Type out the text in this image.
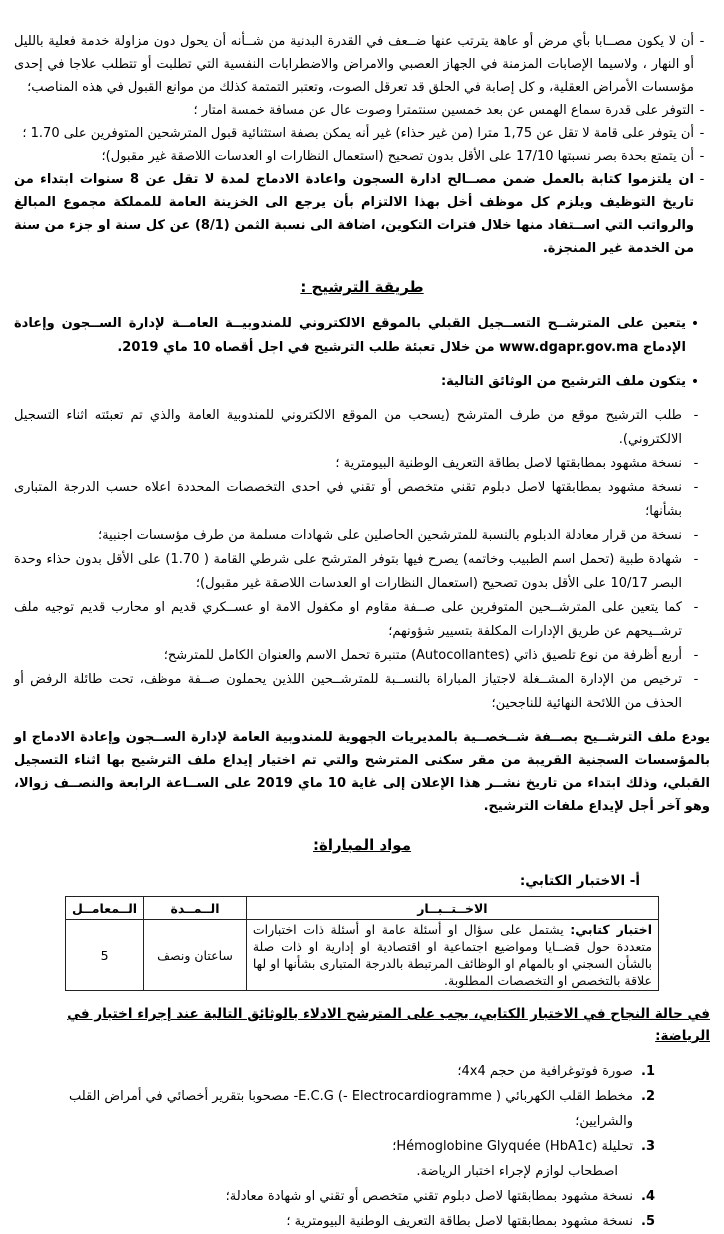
-
أن لا يكون مصــابا بأي مرض أو عاهة يترتب عنها ضــعف في القدرة البدنية من شــأنه أن يحول دون مزاولة خدمة فعلية بالليل أو النهار ، ولاسيما الإصابات المزمنة في الجهاز العصبي والامراض والاضطرابات النفسية التي تطلبت أو تتطلب علاجا في إحدى مؤسسات الأمراض العقلية، و كل إصابة في الحلق قد تعرقل الصوت، وتعتبر التمتمة كذلك من موانع القبول في هذه المناصب؛
-
التوفر على قدرة سماع الهمس عن بعد خمسين سنتمترا وصوت عال عن مسافة خمسة امتار ؛
-
أن يتوفر على قامة لا تقل عن 1,75 مترا (من غير حذاء) غير أنه يمكن بصفة استثنائية قبول المترشحين المتوفرين على 1.70 ؛
-
أن يتمتع بحدة بصر نسبتها 17/10 على الأقل بدون تصحيح (استعمال النظارات او العدسات اللاصقة غير مقبول)؛
-
ان يلتزموا كتابة بالعمل ضمن مصــالح ادارة السجون واعادة الادماج لمدة لا تقل عن 8 سنوات ابتداء من تاريخ التوظيف ويلزم كل موظف أخل بهذا الالتزام بأن يرجع الى الخزينة العامة للمملكة مجموع المبالغ والرواتب التي اســتفاد منها خلال فترات التكوين، اضافة الى نسبة الثمن (8/1) عن كل سنة او جزء من سنة من الخدمة غير المنجزة.
طريقة الترشيح :
•
يتعين على المترشــح التســجيل القبلي بالموقع الالكتروني للمندوبيــة العامــة لإدارة الســجون وإعادة الإدماج www.dgapr.gov.ma من خلال تعبئة طلب الترشيح في اجل أقصاه 10 ماي 2019.
•
يتكون ملف الترشيح من الوثائق التالية:
-
طلب الترشيح موقع من طرف المترشح (يسحب من الموقع الالكتروني للمندوبية العامة والذي تم تعبئته اثناء التسجيل الالكتروني).
-
نسخة مشهود بمطابقتها لاصل بطاقة التعريف الوطنية البيومترية ؛
-
نسخة مشهود بمطابقتها لاصل دبلوم تقني متخصص أو تقني في احدى التخصصات المحددة اعلاه حسب الدرجة المتبارى بشأنها؛
-
نسخة من قرار معادلة الدبلوم بالنسبة للمترشحين الحاصلين على شهادات مسلمة من طرف مؤسسات اجنبية؛
-
شهادة طبية (تحمل اسم الطبيب وخاتمه) يصرح فيها بتوفر المترشح على شرطي القامة ( 1.70) على الأقل بدون حذاء وحدة البصر 10/17 على الأقل بدون تصحيح (استعمال النظارات او العدسات اللاصقة غير مقبول)؛
-
كما يتعين على المترشــحين المتوفرين على صــفة مقاوم او مكفول الامة او عســكري قديم او محارب قديم توجيه ملف ترشــيحهم عن طريق الإدارات المكلفة بتسيير شؤونهم؛
-
أربع أظرفة من نوع تلصيق ذاتي (Autocollantes) متنبرة تحمل الاسم والعنوان الكامل للمترشح؛
-
ترخيص من الإدارة المشــغلة لاجتياز المباراة بالنســبة للمترشــحين اللذين يحملون صــفة موظف، تحت طائلة الرفض أو الحذف من اللائحة النهائية للناجحين؛
يودع ملف الترشــيح بصــفة شــخصــية بالمديريات الجهوية للمندوبية العامة لإدارة الســجون وإعادة الادماج او بالمؤسسات السجنية القريبة من مقر سكنى المترشح والتي تم اختيار إيداع ملف الترشيح بها اثناء التسجيل القبلي، وذلك ابتداء من تاريخ نشــر هذا الإعلان إلى غاية 10 ماي 2019 على الســاعة الرابعة والنصــف زوالا، وهو آخر أجل لإيداع ملفات الترشيح.
مواد المباراة:
أ- الاختبار الكتابي:
الاخــتــبــار	الــمــدة	الــمعامــل
اختبار كتابي: يشتمل على سؤال او أسئلة عامة او أسئلة ذات اختبارات متعددة حول قضــايا ومواضيع اجتماعية او اقتصادية او إدارية او ذات صلة بالشأن السجني او بالمهام او الوظائف المرتبطة بالدرجة المتبارى بشأنها او لها علاقة بالتخصص او التخصصات المطلوبة.	ساعتان ونصف	5
في حالة النجاح في الاختبار الكتابي، يجب على المترشح الادلاء بالوثائق التالية عند إجراء اختبار في الرياضة:
1.
صورة فوتوغرافية من حجم 4x4؛
2.
مخطط القلب الكهربائي E.C.G (- Electrocardiogramme )- مصحوبا بتقرير أخصائي في أمراض القلب والشرايين؛
3.
تحليلة Hémoglobine Glyquée (HbA1c)؛
اصطحاب لوازم لإجراء اختبار الرياضة.
4.
نسخة مشهود بمطابقتها لاصل دبلوم تقني متخصص أو تقني او شهادة معادلة؛
5.
نسخة مشهود بمطابقتها لاصل بطاقة التعريف الوطنية البيومترية ؛
